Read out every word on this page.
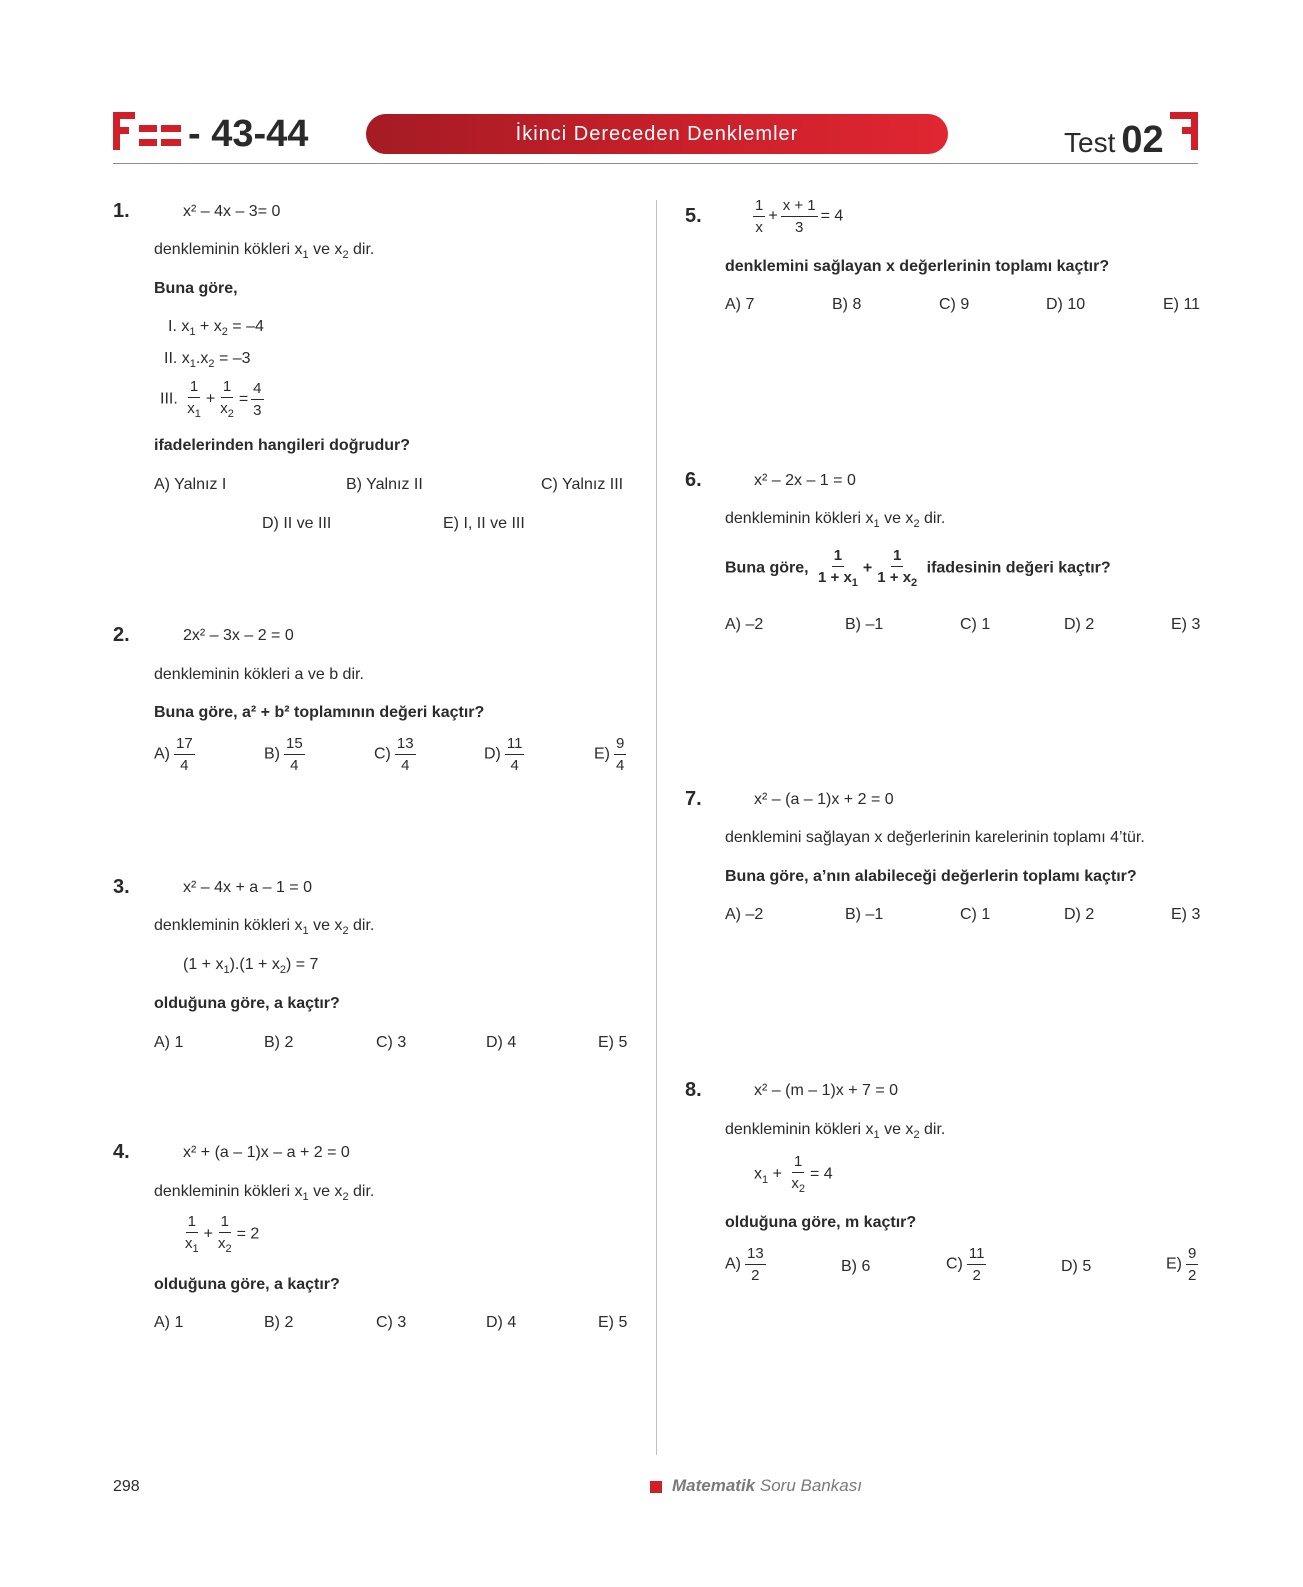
- 43-44	İkinci Dereceden Denklemler	Test 02
1.	x² – 4x – 3= 0
denkleminin kökleri $x_1$ ve $x_2$ dir.
Buna göre,
I. $x_1 + x_2 = -4$
II. $x_1.x_2 = -3$
III. $\frac{1}{x_1} + \frac{1}{x_2} = \frac{4}{3}$
ifadelerinden hangileri doğrudur?
A) Yalnız I	B) Yalnız II	C) Yalnız III
D) II ve III	E) I, II ve III
2.	2x² – 3x – 2 = 0
denkleminin kökleri a ve b dir.
Buna göre, a² + b² toplamının değeri kaçtır?
$A) \frac{17}{4}$	$B) \frac{15}{4}$	$C) \frac{13}{4}$	$D) \frac{11}{4}$	$E) \frac{9}{4}$
3.	x² – 4x + a – 1 = 0
denkleminin kökleri $x_1$ ve $x_2$ dir.
$(1 + x_1).(1 + x_2) = 7$
olduğuna göre, a kaçtır?
A) 1	B) 2	C) 3	D) 4	E) 5
4.	x² + (a – 1)x – a + 2 = 0
denkleminin kökleri $x_1$ ve $x_2$ dir.
$\frac{1}{x_1} + \frac{1}{x_2} = 2$
olduğuna göre, a kaçtır?
A) 1	B) 2	C) 3	D) 4	E) 5
5.	$\frac{1}{x} + \frac{x + 1}{3} = 4$
denklemini sağlayan x değerlerinin toplamı kaçtır?
A) 7	B) 8	C) 9	D) 10	E) 11
6.	x² – 2x – 1 = 0
denkleminin kökleri $x_1$ ve $x_2$ dir.
Buna göre, $\frac{1}{1 + x_1} + \frac{1}{1 + x_2}$ ifadesinin değeri kaçtır?
A) –2	B) –1	C) 1	D) 2	E) 3
7.	x² – (a – 1)x + 2 = 0
denklemini sağlayan x değerlerinin karelerinin toplamı 4’tür.
Buna göre, a’nın alabileceği değerlerin toplamı kaçtır?
A) –2	B) –1	C) 1	D) 2	E) 3
8.	x² – (m – 1)x + 7 = 0
denkleminin kökleri $x_1$ ve $x_2$ dir.
$x_1 + \frac{1}{x_2} = 4$
olduğuna göre, m kaçtır?
$A) \frac{13}{2}$	B) 6	$C) \frac{11}{2}$	D) 5	$E) \frac{9}{2}$
298	Matematik Soru Bankası
